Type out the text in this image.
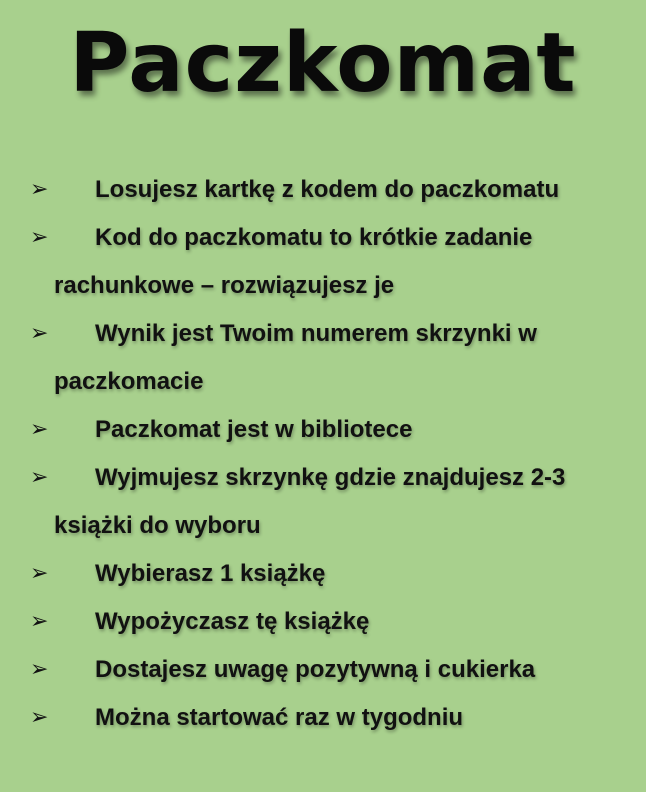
Paczkomat
➢	Losujesz kartkę z kodem do paczkomatu
➢	Kod do paczkomatu to krótkie zadanie rachunkowe – rozwiązujesz je
➢	Wynik jest Twoim numerem skrzynki w paczkomacie
➢	Paczkomat jest w bibliotece
➢	Wyjmujesz skrzynkę gdzie znajdujesz 2-3 książki do wyboru
➢	Wybierasz 1 książkę
➢	Wypożyczasz tę książkę
➢	Dostajesz uwagę pozytywną i cukierka
➢	Można startować raz w tygodniu
